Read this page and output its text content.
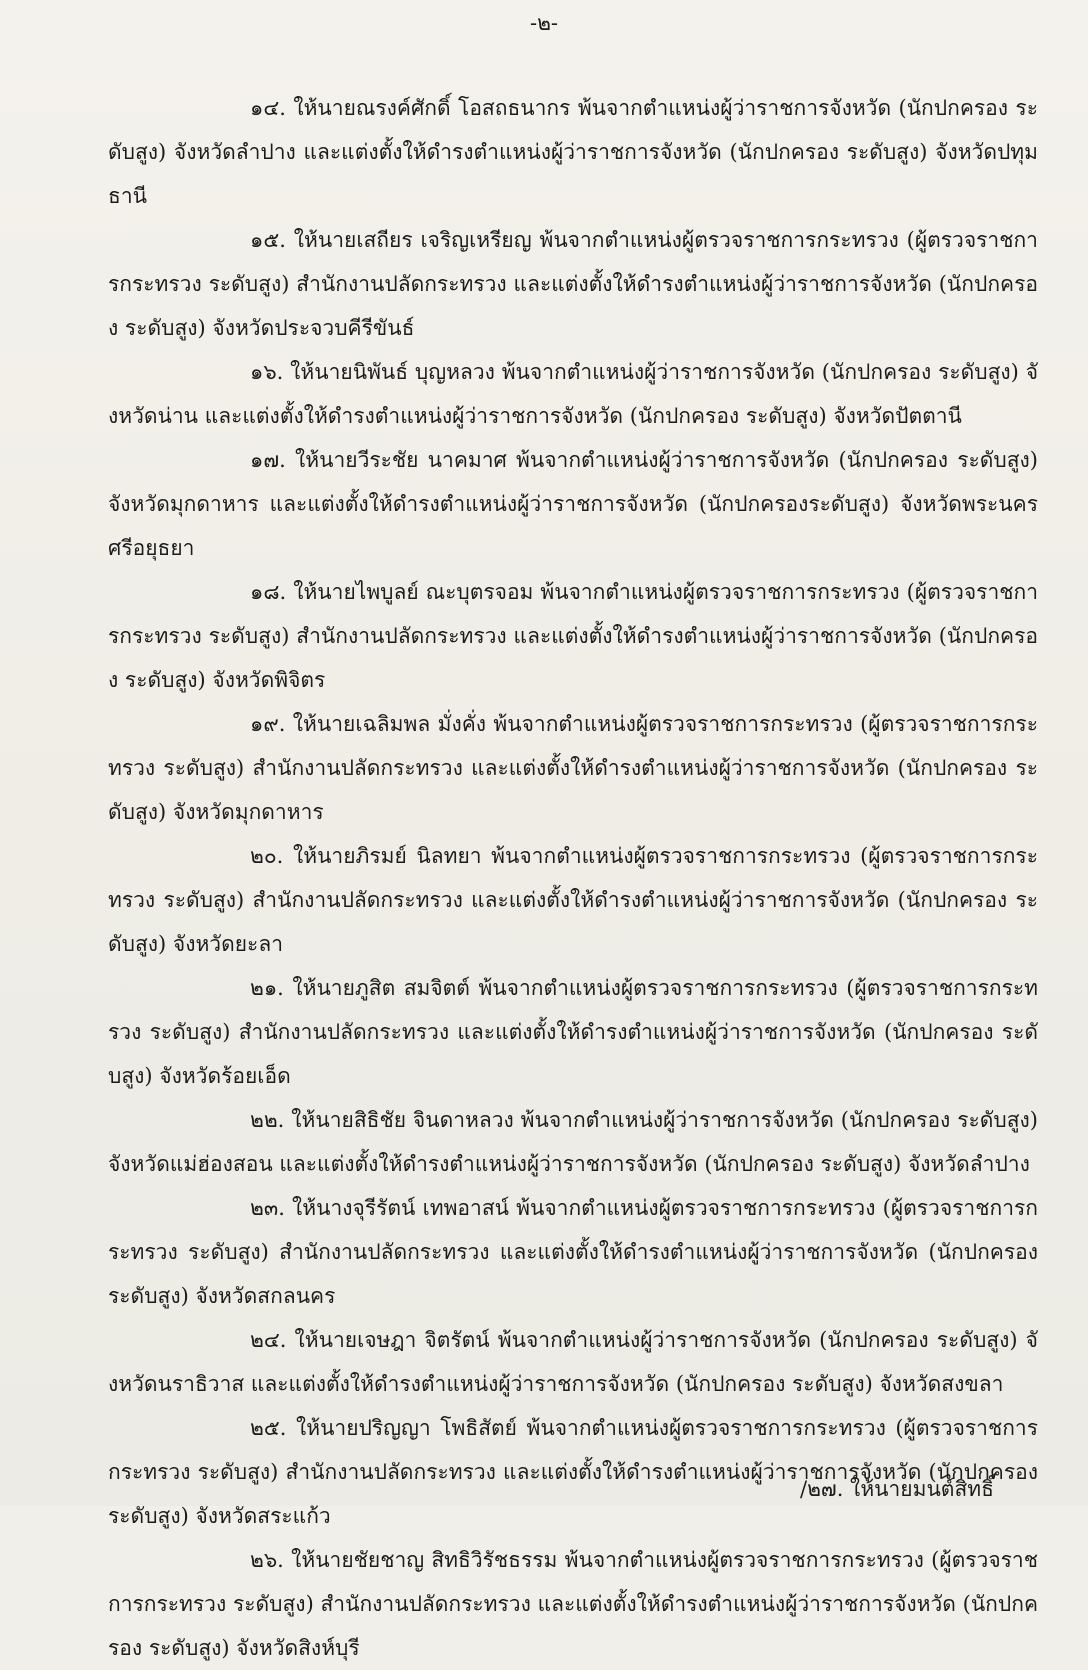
-๒-

๑๔. ให้นายณรงค์ศักดิ์ โอสถธนากร พ้นจากตำแหน่งผู้ว่าราชการจังหวัด (นักปกครอง ระดับสูง) จังหวัดลำปาง และแต่งตั้งให้ดำรงตำแหน่งผู้ว่าราชการจังหวัด (นักปกครอง ระดับสูง) จังหวัดปทุมธานี

๑๕. ให้นายเสถียร เจริญเหรียญ พ้นจากตำแหน่งผู้ตรวจราชการกระทรวง (ผู้ตรวจราชการกระทรวง ระดับสูง) สำนักงานปลัดกระทรวง และแต่งตั้งให้ดำรงตำแหน่งผู้ว่าราชการจังหวัด (นักปกครอง ระดับสูง) จังหวัดประจวบคีรีขันธ์

๑๖. ให้นายนิพันธ์ บุญหลวง พ้นจากตำแหน่งผู้ว่าราชการจังหวัด (นักปกครอง ระดับสูง) จังหวัดน่าน และแต่งตั้งให้ดำรงตำแหน่งผู้ว่าราชการจังหวัด (นักปกครอง ระดับสูง) จังหวัดปัตตานี

๑๗. ให้นายวีระชัย นาคมาศ พ้นจากตำแหน่งผู้ว่าราชการจังหวัด (นักปกครอง ระดับสูง) จังหวัดมุกดาหาร และแต่งตั้งให้ดำรงตำแหน่งผู้ว่าราชการจังหวัด (นักปกครองระดับสูง) จังหวัดพระนครศรีอยุธยา

๑๘. ให้นายไพบูลย์ ณะบุตรจอม พ้นจากตำแหน่งผู้ตรวจราชการกระทรวง (ผู้ตรวจราชการกระทรวง ระดับสูง) สำนักงานปลัดกระทรวง และแต่งตั้งให้ดำรงตำแหน่งผู้ว่าราชการจังหวัด (นักปกครอง ระดับสูง) จังหวัดพิจิตร

๑๙. ให้นายเฉลิมพล มั่งคั่ง พ้นจากตำแหน่งผู้ตรวจราชการกระทรวง (ผู้ตรวจราชการกระทรวง ระดับสูง) สำนักงานปลัดกระทรวง และแต่งตั้งให้ดำรงตำแหน่งผู้ว่าราชการจังหวัด (นักปกครอง ระดับสูง) จังหวัดมุกดาหาร

๒๐. ให้นายภิรมย์ นิลทยา พ้นจากตำแหน่งผู้ตรวจราชการกระทรวง (ผู้ตรวจราชการกระทรวง ระดับสูง) สำนักงานปลัดกระทรวง และแต่งตั้งให้ดำรงตำแหน่งผู้ว่าราชการจังหวัด (นักปกครอง ระดับสูง) จังหวัดยะลา

๒๑. ให้นายภูสิต สมจิตต์ พ้นจากตำแหน่งผู้ตรวจราชการกระทรวง (ผู้ตรวจราชการกระทรวง ระดับสูง) สำนักงานปลัดกระทรวง และแต่งตั้งให้ดำรงตำแหน่งผู้ว่าราชการจังหวัด (นักปกครอง ระดับสูง) จังหวัดร้อยเอ็ด

๒๒. ให้นายสิธิชัย จินดาหลวง พ้นจากตำแหน่งผู้ว่าราชการจังหวัด (นักปกครอง ระดับสูง) จังหวัดแม่ฮ่องสอน และแต่งตั้งให้ดำรงตำแหน่งผู้ว่าราชการจังหวัด (นักปกครอง ระดับสูง) จังหวัดลำปาง

๒๓. ให้นางจุรีรัตน์ เทพอาสน์ พ้นจากตำแหน่งผู้ตรวจราชการกระทรวง (ผู้ตรวจราชการกระทรวง ระดับสูง) สำนักงานปลัดกระทรวง และแต่งตั้งให้ดำรงตำแหน่งผู้ว่าราชการจังหวัด (นักปกครอง ระดับสูง) จังหวัดสกลนคร

๒๔. ให้นายเจษฎา จิตรัตน์ พ้นจากตำแหน่งผู้ว่าราชการจังหวัด (นักปกครอง ระดับสูง) จังหวัดนราธิวาส และแต่งตั้งให้ดำรงตำแหน่งผู้ว่าราชการจังหวัด (นักปกครอง ระดับสูง) จังหวัดสงขลา

๒๕. ให้นายปริญญา โพธิสัตย์ พ้นจากตำแหน่งผู้ตรวจราชการกระทรวง (ผู้ตรวจราชการกระทรวง ระดับสูง) สำนักงานปลัดกระทรวง และแต่งตั้งให้ดำรงตำแหน่งผู้ว่าราชการจังหวัด (นักปกครอง ระดับสูง) จังหวัดสระแก้ว

๒๖. ให้นายชัยชาญ สิทธิวิรัชธรรม พ้นจากตำแหน่งผู้ตรวจราชการกระทรวง (ผู้ตรวจราชการกระทรวง ระดับสูง) สำนักงานปลัดกระทรวง และแต่งตั้งให้ดำรงตำแหน่งผู้ว่าราชการจังหวัด (นักปกครอง ระดับสูง) จังหวัดสิงห์บุรี

/๒๗. ให้นายมนต์สิทธิ์
